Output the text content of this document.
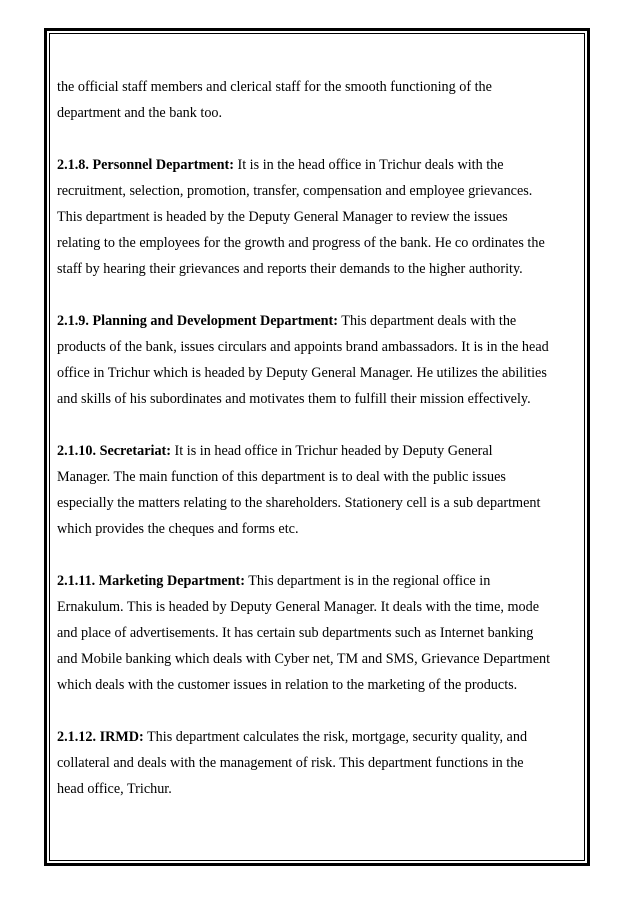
the official staff members and clerical staff for the smooth functioning of the
department and the bank too.
2.1.8. Personnel Department: It is in the head office in Trichur deals with the
recruitment, selection, promotion, transfer, compensation and employee grievances.
This department is headed by the Deputy General Manager to review the issues
relating to the employees for the growth and progress of the bank. He co ordinates the
staff by hearing their grievances and reports their demands to the higher authority.
2.1.9. Planning and Development Department: This department deals with the
products of the bank, issues circulars and appoints brand ambassadors. It is in the head
office in Trichur which is headed by Deputy General Manager. He utilizes the abilities
and skills of his subordinates and motivates them to fulfill their mission effectively.
2.1.10. Secretariat: It is in head office in Trichur headed by Deputy General
Manager. The main function of this department is to deal with the public issues
especially the matters relating to the shareholders. Stationery cell is a sub department
which provides the cheques and forms etc.
2.1.11. Marketing Department: This department is in the regional office in
Ernakulum. This is headed by Deputy General Manager. It deals with the time, mode
and place of advertisements. It has certain sub departments such as Internet banking
and Mobile banking which deals with Cyber net, TM and SMS, Grievance Department
which deals with the customer issues in relation to the marketing of the products.
2.1.12. IRMD: This department calculates the risk, mortgage, security quality, and
collateral and deals with the management of risk. This department functions in the
head office, Trichur.
